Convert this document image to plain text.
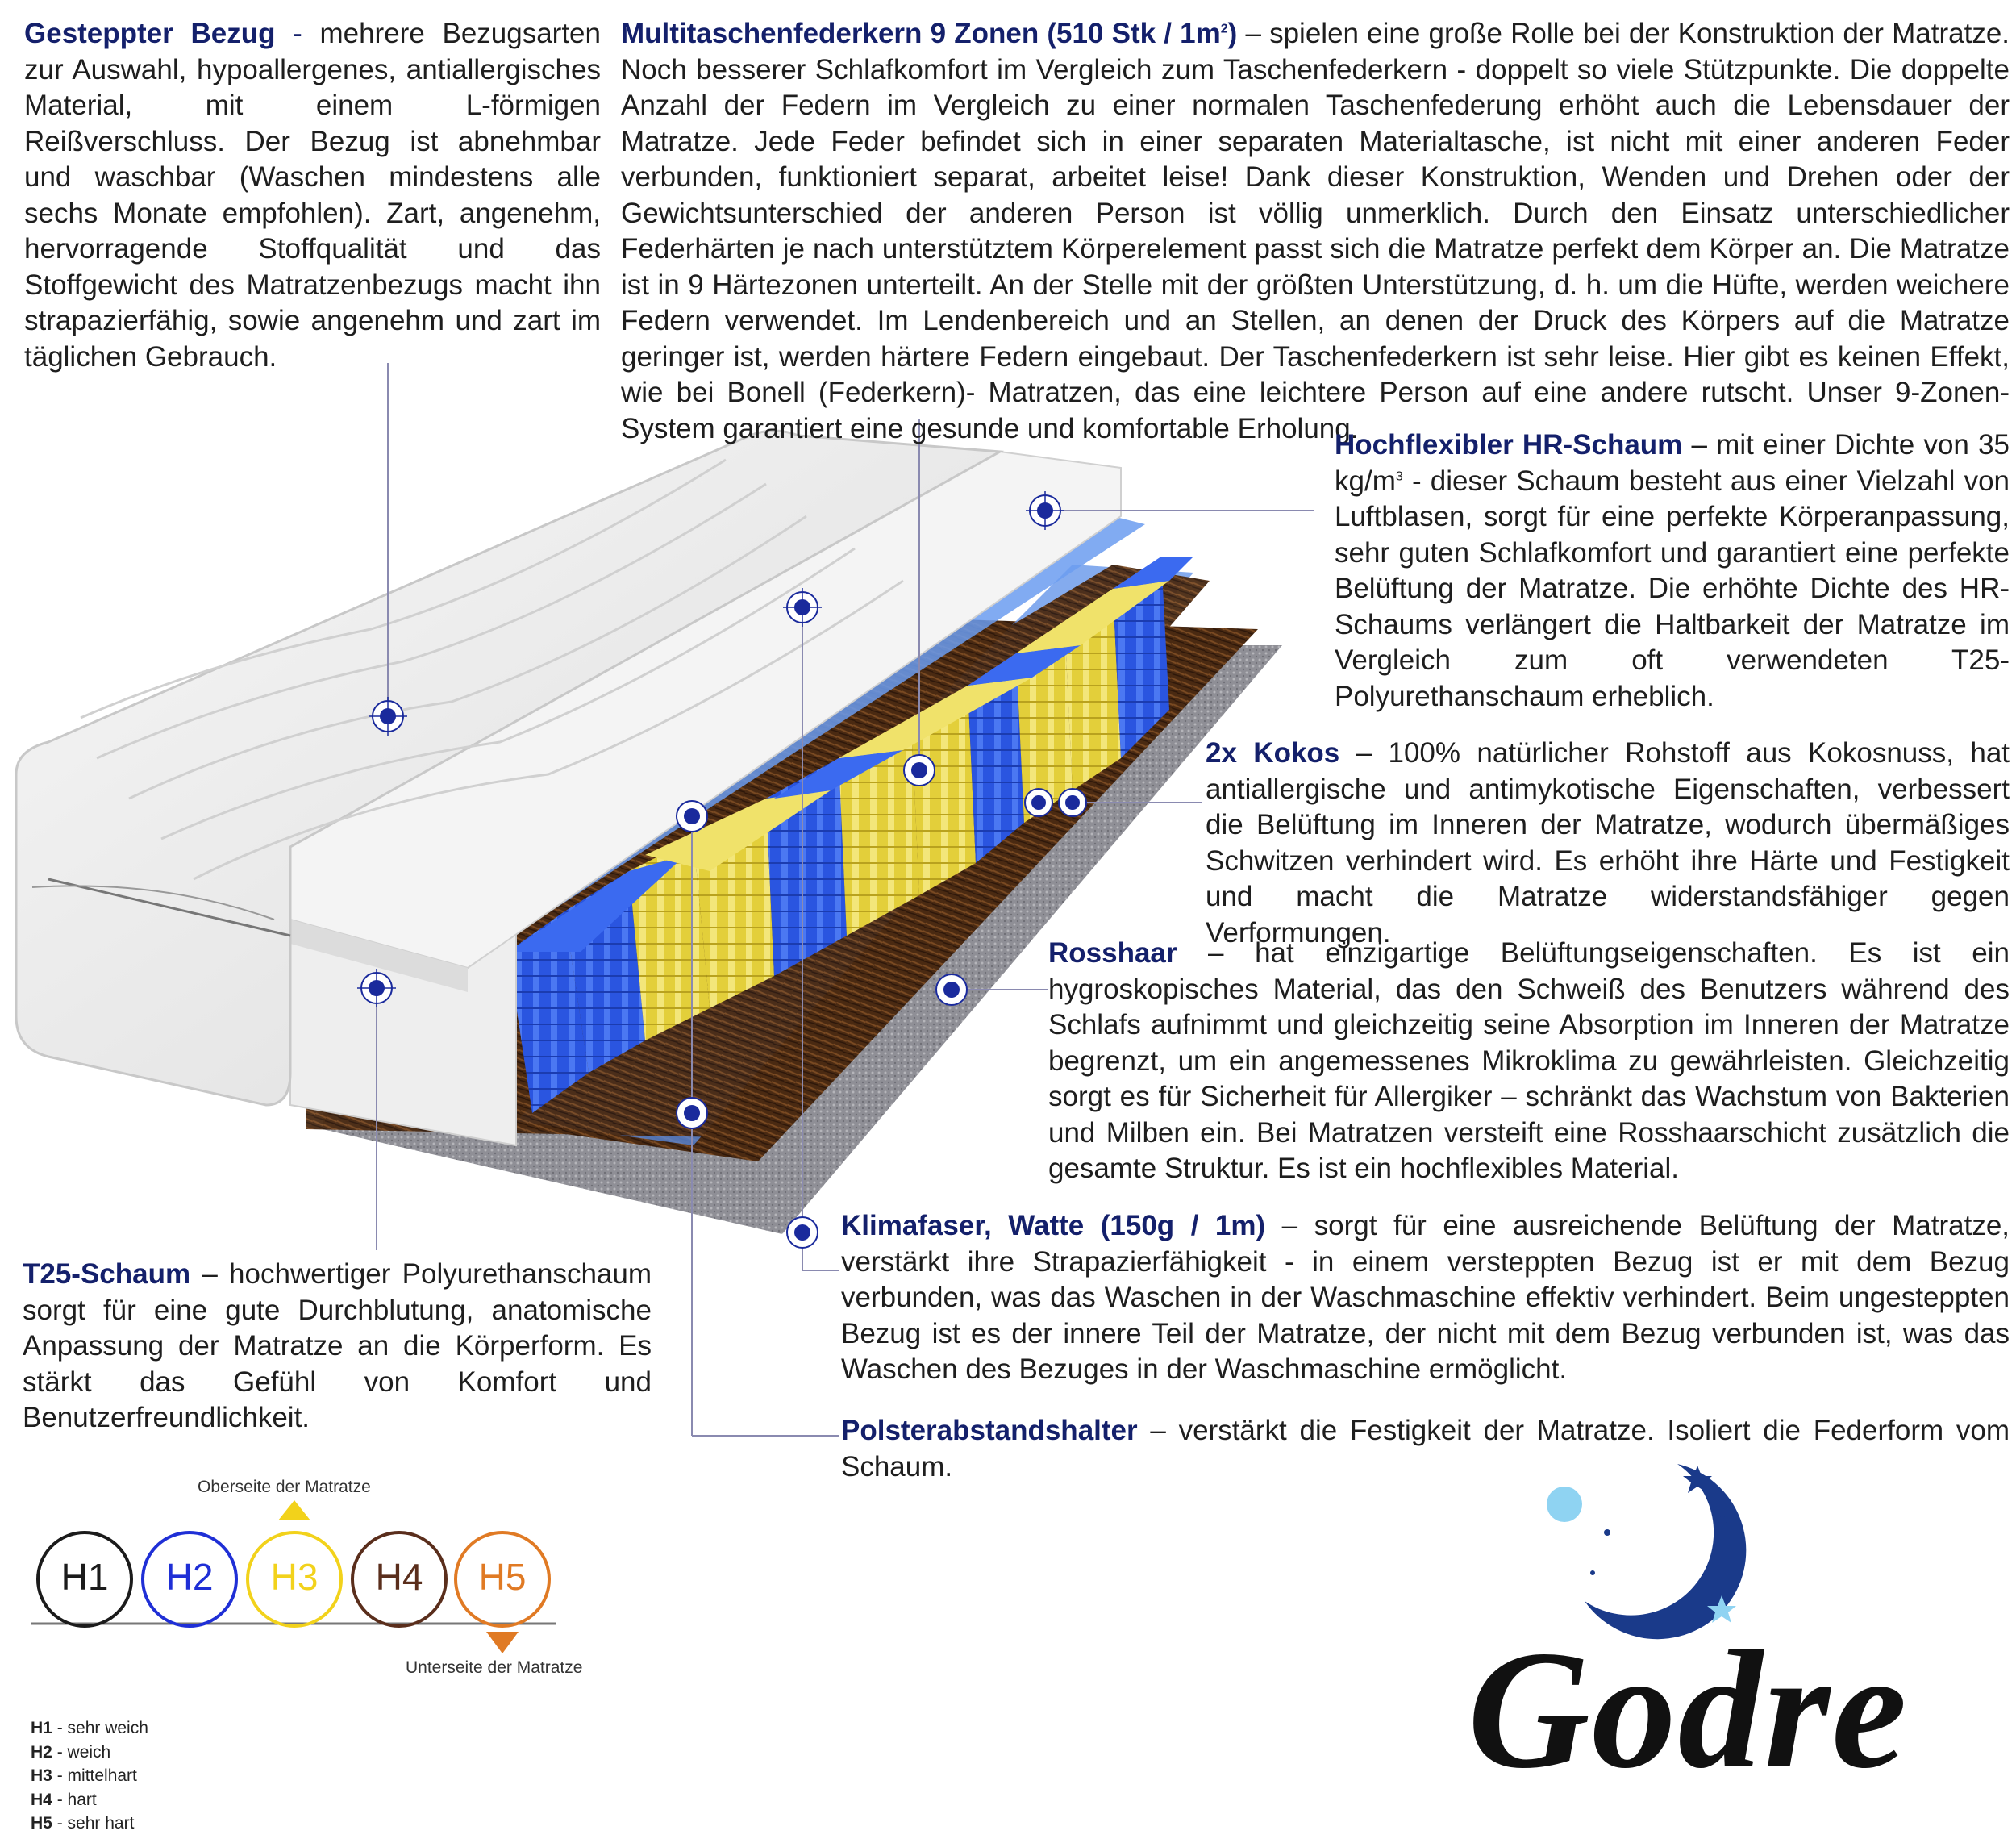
Gesteppter Bezug - mehrere Bezugsarten zur Auswahl, hypoallergenes, antiallergisches Material, mit einem L-förmigen Reißverschluss. Der Bezug ist abnehmbar und waschbar (Waschen mindestens alle sechs Monate empfohlen). Zart, angenehm, hervorragende Stoffqualität und das Stoffgewicht des Matratzenbezugs macht ihn strapazierfähig, sowie angenehm und zart im täglichen Gebrauch.
Multitaschenfederkern 9 Zonen (510 Stk / $1m^2$) – spielen eine große Rolle bei der Konstruktion der Matratze. Noch besserer Schlafkomfort im Vergleich zum Taschenfederkern - doppelt so viele Stützpunkte. Die doppelte Anzahl der Federn im Vergleich zu einer normalen Taschenfederung erhöht auch die Lebensdauer der Matratze. Jede Feder befindet sich in einer separaten Materialtasche, ist nicht mit einer anderen Feder verbunden, funktioniert separat, arbeitet leise! Dank dieser Konstruktion, Wenden und Drehen oder der Gewichtsunterschied der anderen Person ist völlig unmerklich. Durch den Einsatz unterschiedlicher Federhärten je nach unterstütztem Körperelement passt sich die Matratze perfekt dem Körper an. Die Matratze ist in 9 Härtezonen unterteilt. An der Stelle mit der größten Unterstützung, d. h. um die Hüfte, werden weichere Federn verwendet. Im Lendenbereich und an Stellen, an denen der Druck des Körpers auf die Matratze geringer ist, werden härtere Federn eingebaut. Der Taschenfederkern ist sehr leise. Hier gibt es keinen Effekt, wie bei Bonell (Federkern)- Matratzen, das eine leichtere Person auf eine andere rutscht. Unser 9-Zonen-System garantiert eine gesunde und komfortable Erholung.
Hochflexibler HR-Schaum – mit einer Dichte von 35 $kg/m^3$ - dieser Schaum besteht aus einer Vielzahl von Luftblasen, sorgt für eine perfekte Körperanpassung, sehr guten Schlafkomfort und garantiert eine perfekte Belüftung der Matratze. Die erhöhte Dichte des HR-Schaums verlängert die Haltbarkeit der Matratze im Vergleich zum oft verwendeten T25-Polyurethanschaum erheblich.
2x Kokos – 100% natürlicher Rohstoff aus Kokosnuss, hat antiallergische und antimykotische Eigenschaften, verbessert die Belüftung im Inneren der Matratze, wodurch übermäßiges Schwitzen verhindert wird. Es erhöht ihre Härte und Festigkeit und macht die Matratze widerstandsfähiger gegen Verformungen.
Rosshaar – hat einzigartige Belüftungseigenschaften. Es ist ein hygroskopisches Material, das den Schweiß des Benutzers während des Schlafs aufnimmt und gleichzeitig seine Absorption im Inneren der Matratze begrenzt, um ein angemessenes Mikroklima zu gewährleisten. Gleichzeitig sorgt es für Sicherheit für Allergiker – schränkt das Wachstum von Bakterien und Milben ein. Bei Matratzen versteift eine Rosshaarschicht zusätzlich die gesamte Struktur. Es ist ein hochflexibles Material.
Klimafaser, Watte (150g / 1m) – sorgt für eine ausreichende Belüftung der Matratze, verstärkt ihre Strapazierfähigkeit - in einem versteppten Bezug ist er mit dem Bezug verbunden, was das Waschen in der Waschmaschine effektiv verhindert. Beim ungesteppten Bezug ist es der innere Teil der Matratze, der nicht mit dem Bezug verbunden ist, was das Waschen des Bezuges in der Waschmaschine ermöglicht.
T25-Schaum – hochwertiger Polyurethanschaum sorgt für eine gute Durchblutung, anatomische Anpassung der Matratze an die Körperform. Es stärkt das Gefühl von Komfort und Benutzerfreundlichkeit.	Polsterabstandshalter – verstärkt die Festigkeit der Matratze. Isoliert die Federform vom Schaum.
Oberseite der Matratze
Unterseite der Matratze
H1	H2	H3	H4	H5
H1 - sehr weich
H2 - weich
H3 - mittelhart
H4 - hart
H5 - sehr hart
Godre
